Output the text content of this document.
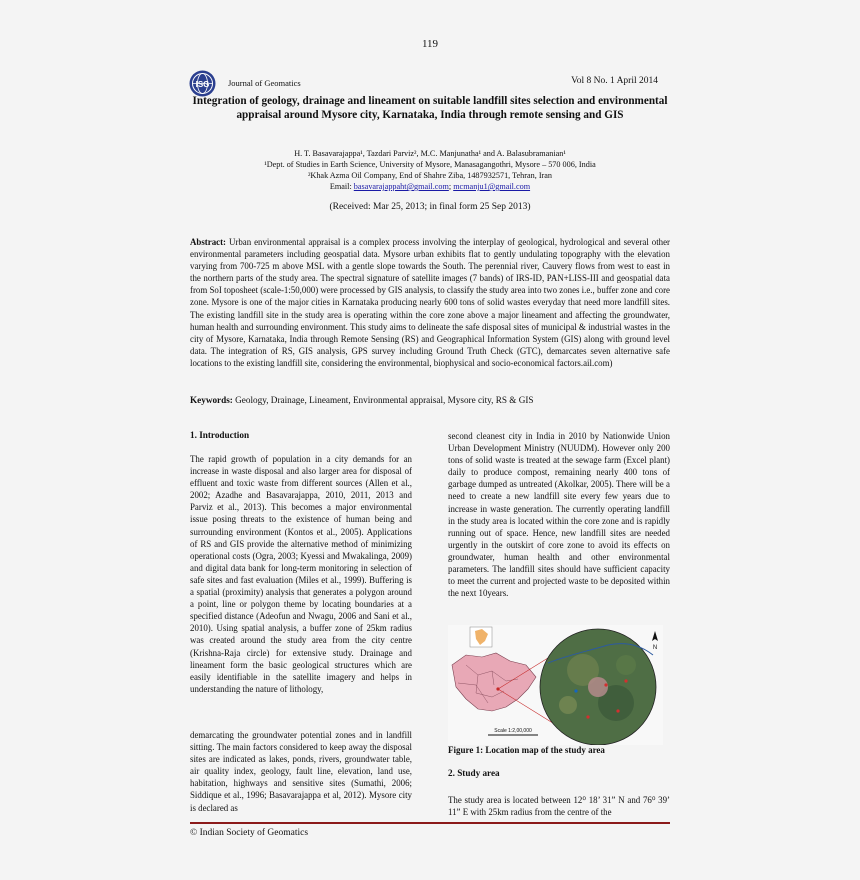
119
ISG Journal of Geomatics	Vol 8 No. 1 April 2014
Integration of geology, drainage and lineament on suitable landfill sites selection and environmental appraisal around Mysore city, Karnataka, India through remote sensing and GIS
H. T. Basavarajappa¹, Tazdari Parviz², M.C. Manjunatha¹ and A. Balasubramanian¹
¹Dept. of Studies in Earth Science, University of Mysore, Manasagangothri, Mysore – 570 006, India
²Khak Azma Oil Company, End of Shahre Ziba, 1487932571, Tehran, Iran
Email: basavarajappaht@gmail.com; mcmanju1@gmail.com
(Received: Mar 25, 2013; in final form 25 Sep 2013)
Abstract: Urban environmental appraisal is a complex process involving the interplay of geological, hydrological and several other environmental parameters including geospatial data. Mysore urban exhibits flat to gently undulating topography with the elevation varying from 700-725 m above MSL with a gentle slope towards the South. The perennial river, Cauvery flows from west to east in the northern parts of the study area. The spectral signature of satellite images (7 bands) of IRS-ID, PAN+LISS-III and geospatial data from SoI toposheet (scale-1:50,000) were processed by GIS analysis, to classify the study area into two zones i.e., buffer zone and core zone. Mysore is one of the major cities in Karnataka producing nearly 600 tons of solid wastes everyday that need more landfill sites. The existing landfill site in the study area is operating within the core zone above a major lineament and affecting the groundwater, human health and surrounding environment. This study aims to delineate the safe disposal sites of municipal & industrial wastes in the city of Mysore, Karnataka, India through Remote Sensing (RS) and Geographical Information System (GIS) along with ground level data. The integration of RS, GIS analysis, GPS survey including Ground Truth Check (GTC), demarcates seven alternative safe locations to the existing landfill site, considering the environmental, biophysical and socio-economical factors.ail.com)
Keywords: Geology, Drainage, Lineament, Environmental appraisal, Mysore city, RS & GIS
1. Introduction
The rapid growth of population in a city demands for an increase in waste disposal and also larger area for disposal of effluent and toxic waste from different sources (Allen et al., 2002; Azadhe and Basavarajappa, 2010, 2011, 2013 and Parviz et al., 2013). This becomes a major environmental issue posing threats to the existence of human being and surrounding environment (Kontos et al., 2005). Applications of RS and GIS provide the alternative method of minimizing operational costs (Ogra, 2003; Kyessi and Mwakalinga, 2009) and digital data bank for long-term monitoring in selection of safe sites and fast evaluation (Miles et al., 1999). Buffering is a spatial (proximity) analysis that generates a polygon around a point, line or polygon theme by locating boundaries at a specified distance (Adeofun and Nwagu, 2006 and Sani et al., 2010). Using spatial analysis, a buffer zone of 25km radius was created around the study area from the city centre (Krishna-Raja circle) for extensive study. Drainage and lineament form the basic geological structures which are easily identifiable in the satellite imagery and helps in understanding the nature of lithology,
demarcating the groundwater potential zones and in landfill sitting. The main factors considered to keep away the disposal sites are indicated as lakes, ponds, rivers, groundwater table, air quality index, geology, fault line, elevation, land use, habitation, highways and sensitive sites (Sumathi, 2006; Siddique et al., 1996; Basavarajappa et al, 2012). Mysore city is declared as
second cleanest city in India in 2010 by Nationwide Union Urban Development Ministry (NUUDM). However only 200 tons of solid waste is treated at the sewage farm (Excel plant) daily to produce compost, remaining nearly 400 tons of garbage dumped as untreated (Akolkar, 2005). There will be a need to create a new landfill site every few years due to increase in waste generation. The currently operating landfill in the study area is located within the core zone and is rapidly running out of space. Hence, new landfill sites are needed urgently in the outskirt of core zone to avoid its effects on groundwater, human health and other environmental parameters. The landfill sites should have sufficient capacity to meet the current and projected waste to be deposited within the next 10years.
N
Scale 1:2,00,000
Figure 1: Location map of the study area
2. Study area
The study area is located between 12⁰ 18’ 31” N and 76⁰ 39’ 11” E with 25km radius from the centre of the
© Indian Society of Geomatics
